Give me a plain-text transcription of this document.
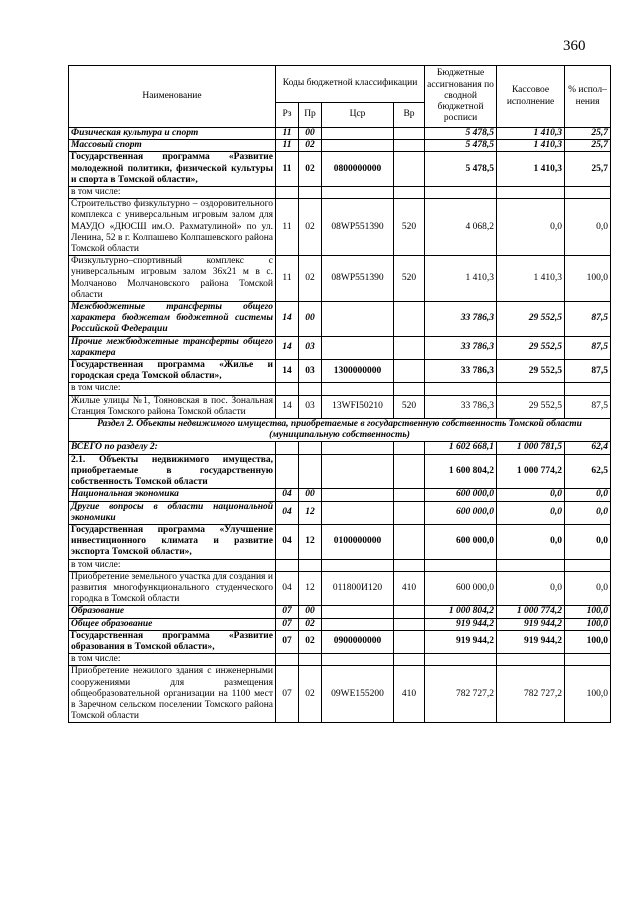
360
Наименование	Коды бюджетной классификации				Бюджетные ассигнования по сводной бюджетной росписи	Кассовое исполнение	% испол–нения
	Рз	Пр	Цср	Вр			
Физическая культура и спорт	11	00			5 478,5	1 410,3	25,7
Массовый спорт	11	02			5 478,5	1 410,3	25,7
Государственная программа «Развитие молодежной политики, физической культуры и спорта в Томской области»,	11	02	0800000000		5 478,5	1 410,3	25,7
в том числе:							
Строительство физкультурно – оздоровительного комплекса с универсальным игровым залом для МАУДО «ДЮСШ им.О. Рахматулиной» по ул. Ленина, 52 в г. Колпашево Колпашевского района Томской области	11	02	08WP551390	520	4 068,2	0,0	0,0
Физкультурно–спортивный комплекс с универсальным игровым залом 36х21 м в с. Молчаново Молчановского района Томской области	11	02	08WP551390	520	1 410,3	1 410,3	100,0
Межбюджетные трансферты общего характера бюджетам бюджетной системы Российской Федерации	14	00			33 786,3	29 552,5	87,5
Прочие межбюджетные трансферты общего характера	14	03			33 786,3	29 552,5	87,5
Государственная программа «Жилье и городская среда Томской области»,	14	03	1300000000		33 786,3	29 552,5	87,5
в том числе:							
Жилые улицы №1, Тояновская в пос. Зональная Станция Томского района Томской области	14	03	13WFI50210	520	33 786,3	29 552,5	87,5
Раздел 2. Объекты недвижимого имущества, приобретаемые в государственную собственность Томской области (муниципальную собственность)							
ВСЕГО по разделу 2:					1 602 668,1	1 000 781,5	62,4
2.1. Объекты недвижимого имущества, приобретаемые в государственную собственность Томской области					1 600 804,2	1 000 774,2	62,5
Национальная экономика	04	00			600 000,0	0,0	0,0
Другие вопросы в области национальной экономики	04	12			600 000,0	0,0	0,0
Государственная программа «Улучшение инвестиционного климата и развитие экспорта Томской области»,	04	12	0100000000		600 000,0	0,0	0,0
в том числе:							
Приобретение земельного участка для создания и развития многофункционального студенческого городка в Томской области	04	12	011800И120	410	600 000,0	0,0	0,0
Образование	07	00			1 000 804,2	1 000 774,2	100,0
Общее образование	07	02			919 944,2	919 944,2	100,0
Государственная программа «Развитие образования в Томской области»,	07	02	0900000000		919 944,2	919 944,2	100,0
в том числе:							
Приобретение нежилого здания с инженерными сооружениями для размещения общеобразовательной организации на 1100 мест в Заречном сельском поселении Томского района Томской области	07	02	09WE155200	410	782 727,2	782 727,2	100,0
